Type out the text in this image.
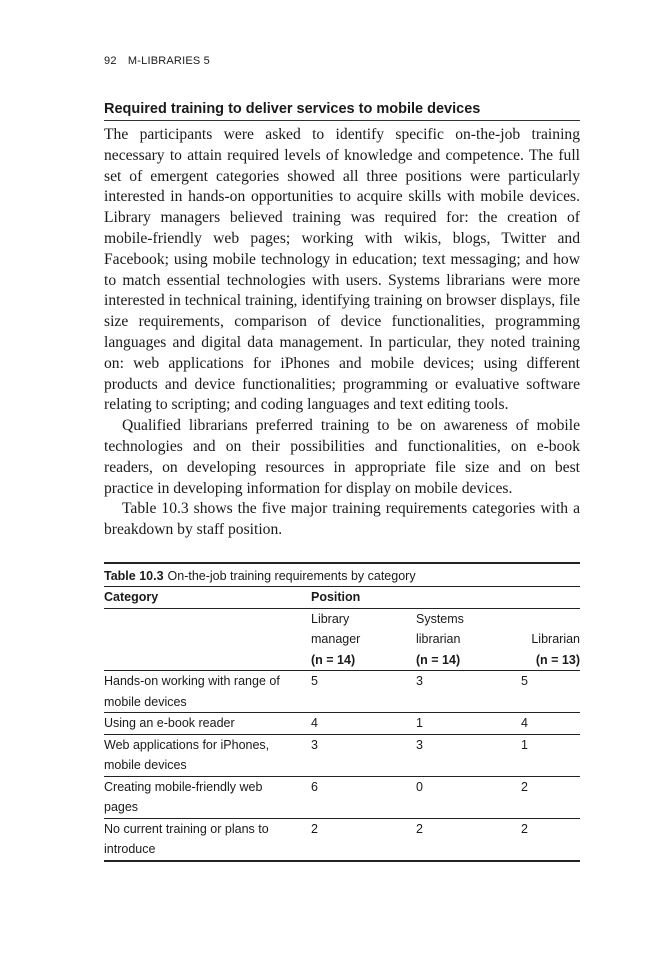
92 M-LIBRARIES 5
Required training to deliver services to mobile devices

The participants were asked to identify specific on-the-job training necessary to attain required levels of knowledge and competence. The full set of emergent categories showed all three positions were particularly interested in hands-on opportunities to acquire skills with mobile devices. Library managers believed training was required for: the creation of mobile-friendly web pages; working with wikis, blogs, Twitter and Facebook; using mobile technology in education; text messaging; and how to match essential technologies with users. Systems librarians were more interested in technical training, identifying training on browser displays, file size requirements, comparison of device functionalities, programming languages and digital data management. In particular, they noted training on: web applications for iPhones and mobile devices; using different products and device functionalities; programming or evaluative software relating to scripting; and coding languages and text editing tools.

Qualified librarians preferred training to be on awareness of mobile technologies and on their possibilities and functionalities, on e-book readers, on developing resources in appropriate file size and on best practice in developing information for display on mobile devices.

Table 10.3 shows the five major training requirements categories with a breakdown by staff position.

Table 10.3 On-the-job training requirements by category			
Category	Position		
	Library	Systems	
	manager	librarian	Librarian
	(n = 14)	(n = 14)	(n = 13)
Hands-on working with range of mobile devices	5	3	5
Using an e-book reader	4	1	4
Web applications for iPhones, mobile devices	3	3	1
Creating mobile-friendly web pages	6	0	2
No current training or plans to introduce	2	2	2
